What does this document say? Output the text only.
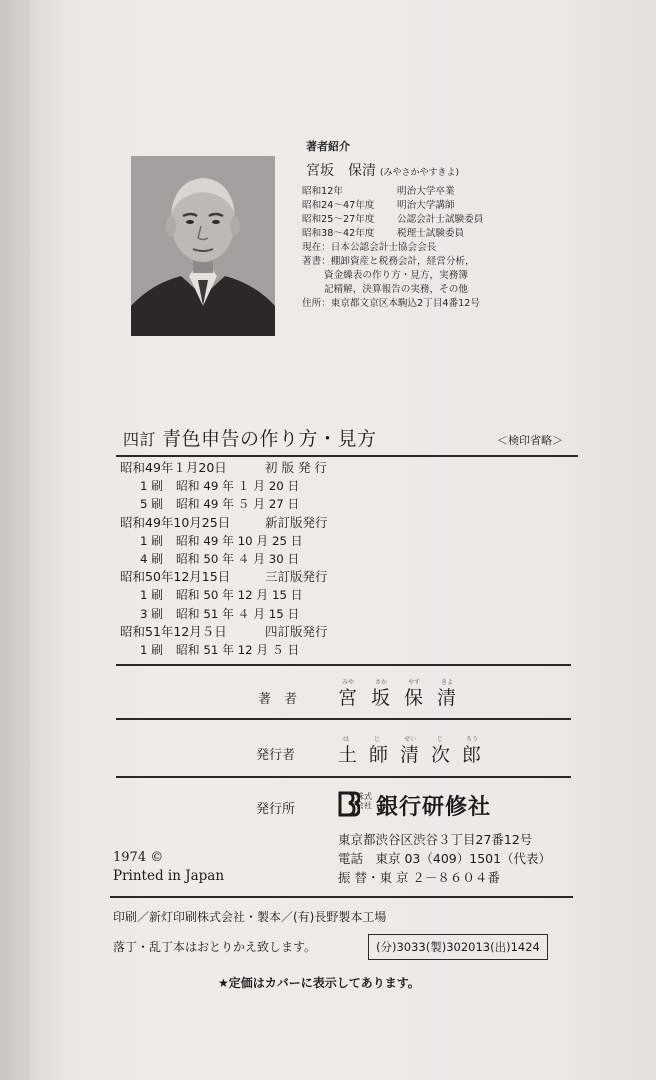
著者紹介
宮坂　保清 (みやさかやすきよ)
昭和12年	明治大学卒業
昭和24～47年度 明治大学講師
昭和25～27年度 公認会計士試験委員
昭和38～42年度 税理士試験委員
現在：日本公認会計士協会会長
著書：棚卸資産と税務会計，経営分析，
資金繰表の作り方・見方，実務簿
記精解，決算報告の実務，その他
住所：東京都文京区本駒込2丁目4番12号
四訂 青色申告の作り方・見方	＜検印省略＞
昭和49年１月20日	初 版 発 行
1 刷 昭和 49 年 １ 月 20 日
5 刷 昭和 49 年 ５ 月 27 日
昭和49年10月25日	新訂版発行
1 刷 昭和 49 年 10 月 25 日
4 刷 昭和 50 年 ４ 月 30 日
昭和50年12月15日	三訂版発行
1 刷 昭和 50 年 12 月 15 日
3 刷 昭和 51 年 ４ 月 15 日
昭和51年12月５日	四訂版発行
1 刷 昭和 51 年 12 月 ５ 日
著　者 宮坂保清
みや	さか	やす	きよ
発行者 土師清次郎
は	じ	せい	じ	ろう
発行所
株式会社 銀行研修社
東京都渋谷区渋谷３丁目27番12号
電話　東京 03（409）1501（代表）
振 替・東 京 ２－８６０４番
1974 ©
Printed in Japan
印刷／新灯印刷株式会社・製本／(有)長野製本工場
落丁・乱丁本はおとりかえ致します。	(分)3033(製)302013(出)1424
★定価はカバーに表示してあります。
